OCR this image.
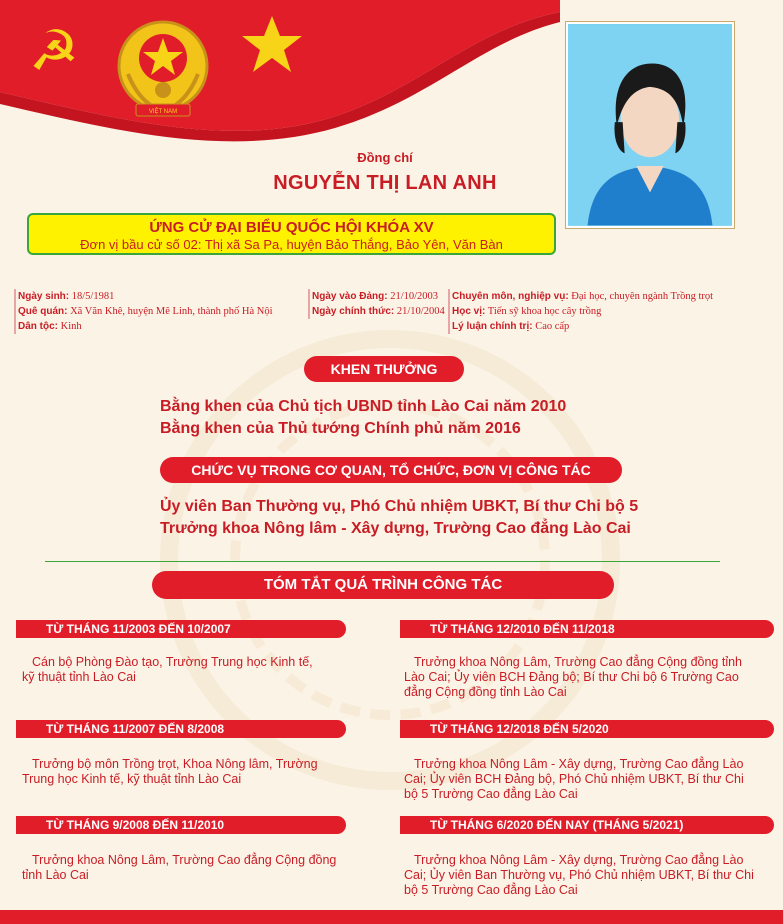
☭
VIỆT NAM
Đồng chí
NGUYỄN THỊ LAN ANH
ỨNG CỬ ĐẠI BIỂU QUỐC HỘI KHÓA XV
Đơn vị bầu cử số 02: Thị xã Sa Pa, huyện Bảo Thắng, Bảo Yên, Văn Bàn
Ngày sinh: 18/5/1981
Quê quán: Xã Văn Khê, huyện Mê Linh, thành phố Hà Nội
Dân tộc: Kinh
Ngày vào Đảng: 21/10/2003
Ngày chính thức: 21/10/2004
Chuyên môn, nghiệp vụ: Đại học, chuyên ngành Trồng trọt
Học vị: Tiến sỹ khoa học cây trồng
Lý luận chính trị: Cao cấp
KHEN THƯỞNG
Bằng khen của Chủ tịch UBND tỉnh Lào Cai năm 2010
Bằng khen của Thủ tướng Chính phủ năm 2016
CHỨC VỤ TRONG CƠ QUAN, TỔ CHỨC, ĐƠN VỊ CÔNG TÁC
Ủy viên Ban Thường vụ, Phó Chủ nhiệm UBKT, Bí thư Chi bộ 5
Trưởng khoa Nông lâm - Xây dựng, Trường Cao đẳng Lào Cai
TÓM TẮT QUÁ TRÌNH CÔNG TÁC
TỪ THÁNG 11/2003 ĐẾN 10/2007
Cán bộ Phòng Đào tạo, Trường Trung học Kinh tế,
kỹ thuật tỉnh Lào Cai
TỪ THÁNG 11/2007 ĐẾN 8/2008
Trưởng bộ môn Trồng trọt, Khoa Nông lâm, Trường
Trung học Kinh tế, kỹ thuật tỉnh Lào Cai
TỪ THÁNG 9/2008 ĐẾN 11/2010
Trưởng khoa Nông Lâm, Trường Cao đẳng Cộng đồng
tỉnh Lào Cai
TỪ THÁNG 12/2010 ĐẾN 11/2018
Trưởng khoa Nông Lâm, Trường Cao đẳng Cộng đồng tỉnh
Lào Cai; Ủy viên BCH Đảng bộ; Bí thư Chi bộ 6 Trường Cao
đẳng Cộng đồng tỉnh Lào Cai
TỪ THÁNG 12/2018 ĐẾN 5/2020
Trưởng khoa Nông Lâm - Xây dựng, Trường Cao đẳng Lào
Cai; Ủy viên BCH Đảng bộ, Phó Chủ nhiệm UBKT, Bí thư Chi
bộ 5 Trường Cao đẳng Lào Cai
TỪ THÁNG 6/2020 ĐẾN NAY (THÁNG 5/2021)
Trưởng khoa Nông Lâm - Xây dựng, Trường Cao đẳng Lào
Cai; Ủy viên Ban Thường vụ, Phó Chủ nhiệm UBKT, Bí thư Chi
bộ 5 Trường Cao đẳng Lào Cai
